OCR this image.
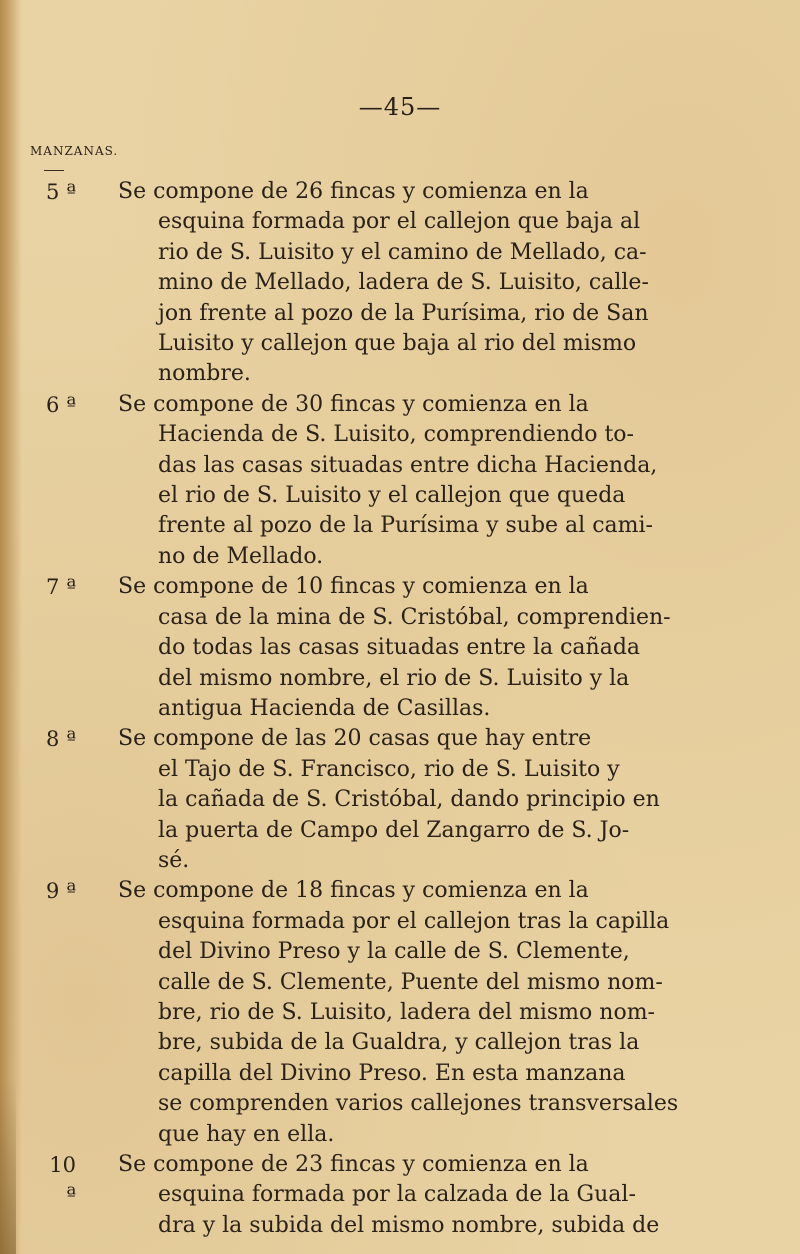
—45—
MANZANAS.
5 ª Se compone de 26 fincas y comienza en la
esquina formada por el callejon que baja al
rio de S. Luisito y el camino de Mellado, ca-
mino de Mellado, ladera de S. Luisito, calle-
jon frente al pozo de la Purísima, rio de San
Luisito y callejon que baja al rio del mismo
nombre.
6 ª Se compone de 30 fincas y comienza en la
Hacienda de S. Luisito, comprendiendo to-
das las casas situadas entre dicha Hacienda,
el rio de S. Luisito y el callejon que queda
frente al pozo de la Purísima y sube al cami-
no de Mellado.
7 ª Se compone de 10 fincas y comienza en la
casa de la mina de S. Cristóbal, comprendien-
do todas las casas situadas entre la cañada
del mismo nombre, el rio de S. Luisito y la
antigua Hacienda de Casillas.
8 ª Se compone de las 20 casas que hay entre
el Tajo de S. Francisco, rio de S. Luisito y
la cañada de S. Cristóbal, dando principio en
la puerta de Campo del Zangarro de S. Jo-
sé.
9 ª Se compone de 18 fincas y comienza en la
esquina formada por el callejon tras la capilla
del Divino Preso y la calle de S. Clemente,
calle de S. Clemente, Puente del mismo nom-
bre, rio de S. Luisito, ladera del mismo nom-
bre, subida de la Gualdra, y callejon tras la
capilla del Divino Preso. En esta manzana
se comprenden varios callejones transversales
que hay en ella.
10 ª
Se compone de 23 fincas y comienza en la
esquina formada por la calzada de la Gual-
dra y la subida del mismo nombre, subida de
